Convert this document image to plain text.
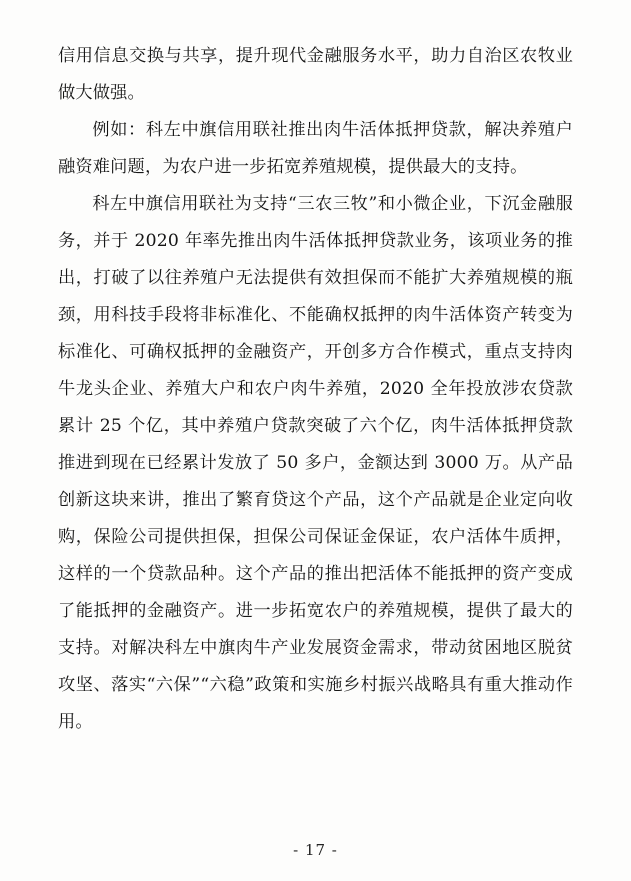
信用信息交换与共享，提升现代金融服务水平，助力自治区农牧业做大做强。

例如：科左中旗信用联社推出肉牛活体抵押贷款，解决养殖户融资难问题，为农户进一步拓宽养殖规模，提供最大的支持。

科左中旗信用联社为支持“三农三牧”和小微企业，下沉金融服务，并于 2020 年率先推出肉牛活体抵押贷款业务，该项业务的推出，打破了以往养殖户无法提供有效担保而不能扩大养殖规模的瓶颈，用科技手段将非标准化、不能确权抵押的肉牛活体资产转变为标准化、可确权抵押的金融资产，开创多方合作模式，重点支持肉牛龙头企业、养殖大户和农户肉牛养殖，2020 全年投放涉农贷款累计 25 个亿，其中养殖户贷款突破了六个亿，肉牛活体抵押贷款推进到现在已经累计发放了 50 多户，金额达到 3000 万。从产品创新这块来讲，推出了繁育贷这个产品，这个产品就是企业定向收购，保险公司提供担保，担保公司保证金保证，农户活体牛质押，这样的一个贷款品种。这个产品的推出把活体不能抵押的资产变成了能抵押的金融资产。进一步拓宽农户的养殖规模，提供了最大的支持。对解决科左中旗肉牛产业发展资金需求，带动贫困地区脱贫攻坚、落实“六保”“六稳”政策和实施乡村振兴战略具有重大推动作用。

- 17 -
